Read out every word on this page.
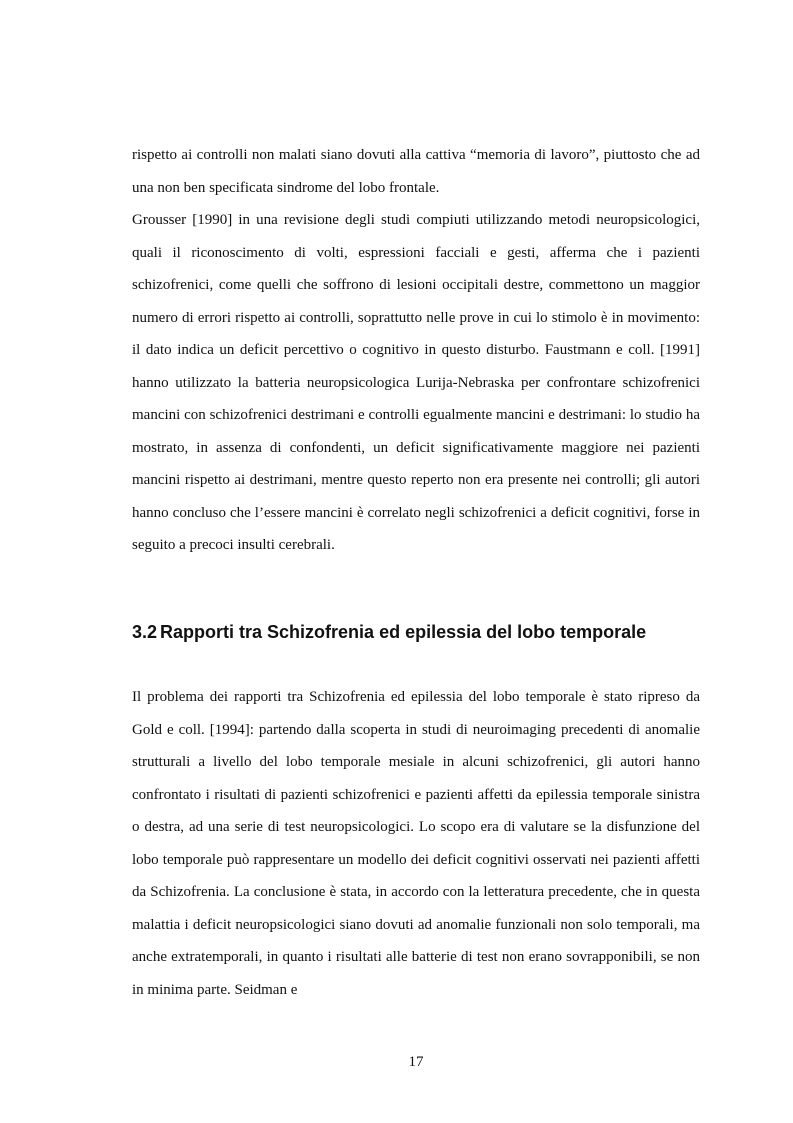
rispetto ai controlli non malati siano dovuti alla cattiva “memoria di lavoro”, piuttosto che ad una non ben specificata sindrome del lobo frontale.

Grousser [1990] in una revisione degli studi compiuti utilizzando metodi neuropsicologici, quali il riconoscimento di volti, espressioni facciali e gesti, afferma che i pazienti schizofrenici, come quelli che soffrono di lesioni occipitali destre, commettono un maggior numero di errori rispetto ai controlli, soprattutto nelle prove in cui lo stimolo è in movimento: il dato indica un deficit percettivo o cognitivo in questo disturbo. Faustmann e coll. [1991] hanno utilizzato la batteria neuropsicologica Lurija-Nebraska per confrontare schizofrenici mancini con schizofrenici destrimani e controlli egualmente mancini e destrimani: lo studio ha mostrato, in assenza di confondenti, un deficit significativamente maggiore nei pazienti mancini rispetto ai destrimani, mentre questo reperto non era presente nei controlli; gli autori hanno concluso che l’essere mancini è correlato negli schizofrenici a deficit cognitivi, forse in seguito a precoci insulti cerebrali.

3.2 Rapporti tra Schizofrenia ed epilessia del lobo temporale

Il problema dei rapporti tra Schizofrenia ed epilessia del lobo temporale è stato ripreso da Gold e coll. [1994]: partendo dalla scoperta in studi di neuroimaging precedenti di anomalie strutturali a livello del lobo temporale mesiale in alcuni schizofrenici, gli autori hanno confrontato i risultati di pazienti schizofrenici e pazienti affetti da epilessia temporale sinistra o destra, ad una serie di test neuropsicologici. Lo scopo era di valutare se la disfunzione del lobo temporale può rappresentare un modello dei deficit cognitivi osservati nei pazienti affetti da Schizofrenia. La conclusione è stata, in accordo con la letteratura precedente, che in questa malattia i deficit neuropsicologici siano dovuti ad anomalie funzionali non solo temporali, ma anche extratemporali, in quanto i risultati alle batterie di test non erano sovrapponibili, se non in minima parte. Seidman e

17
